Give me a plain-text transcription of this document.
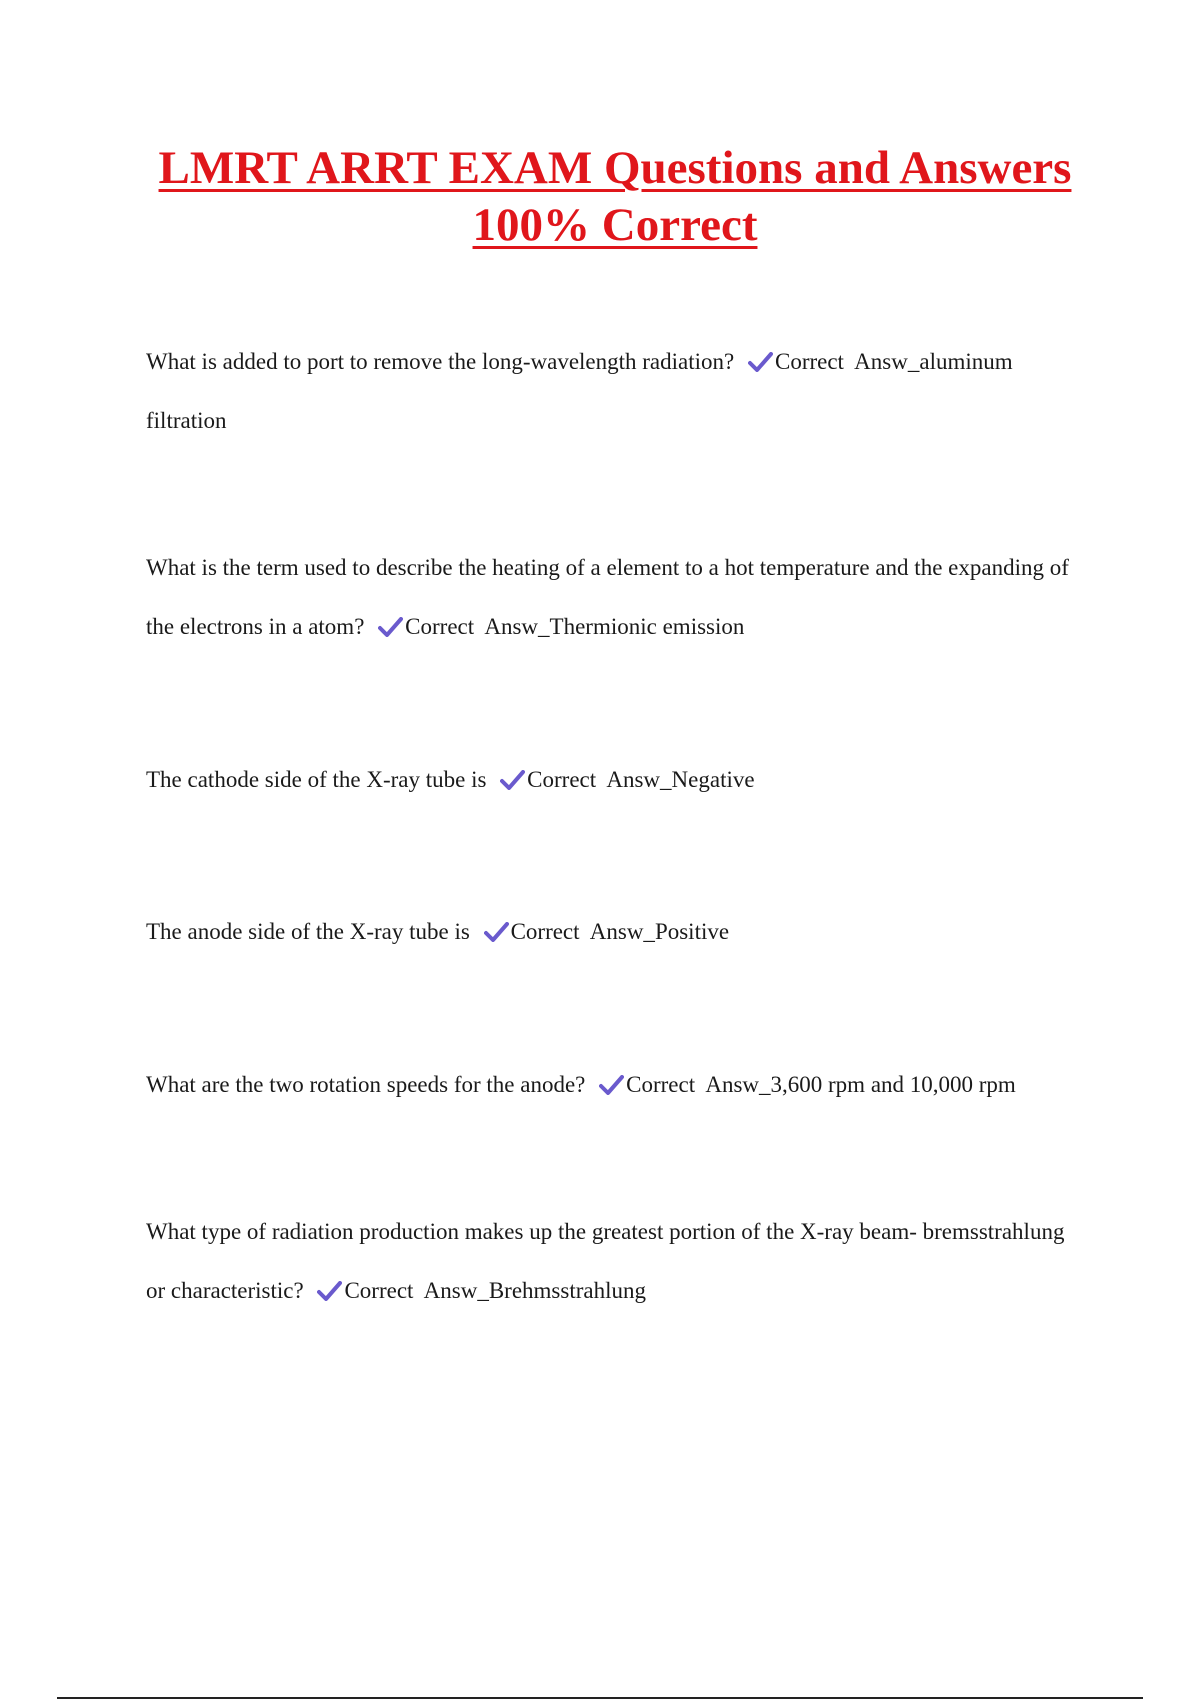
LMRT ARRT EXAM Questions and Answers
100% Correct

What is added to port to remove the long-wavelength radiation? Correct  Answ_aluminum filtration

What is the term used to describe the heating of a element to a hot temperature and the expanding of the electrons in a atom? Correct  Answ_Thermionic emission

The cathode side of the X-ray tube is Correct  Answ_Negative

The anode side of the X-ray tube is Correct  Answ_Positive

What are the two rotation speeds for the anode? Correct  Answ_3,600 rpm and 10,000 rpm

What type of radiation production makes up the greatest portion of the X-ray beam- bremsstrahlung or characteristic? Correct  Answ_Brehmsstrahlung
